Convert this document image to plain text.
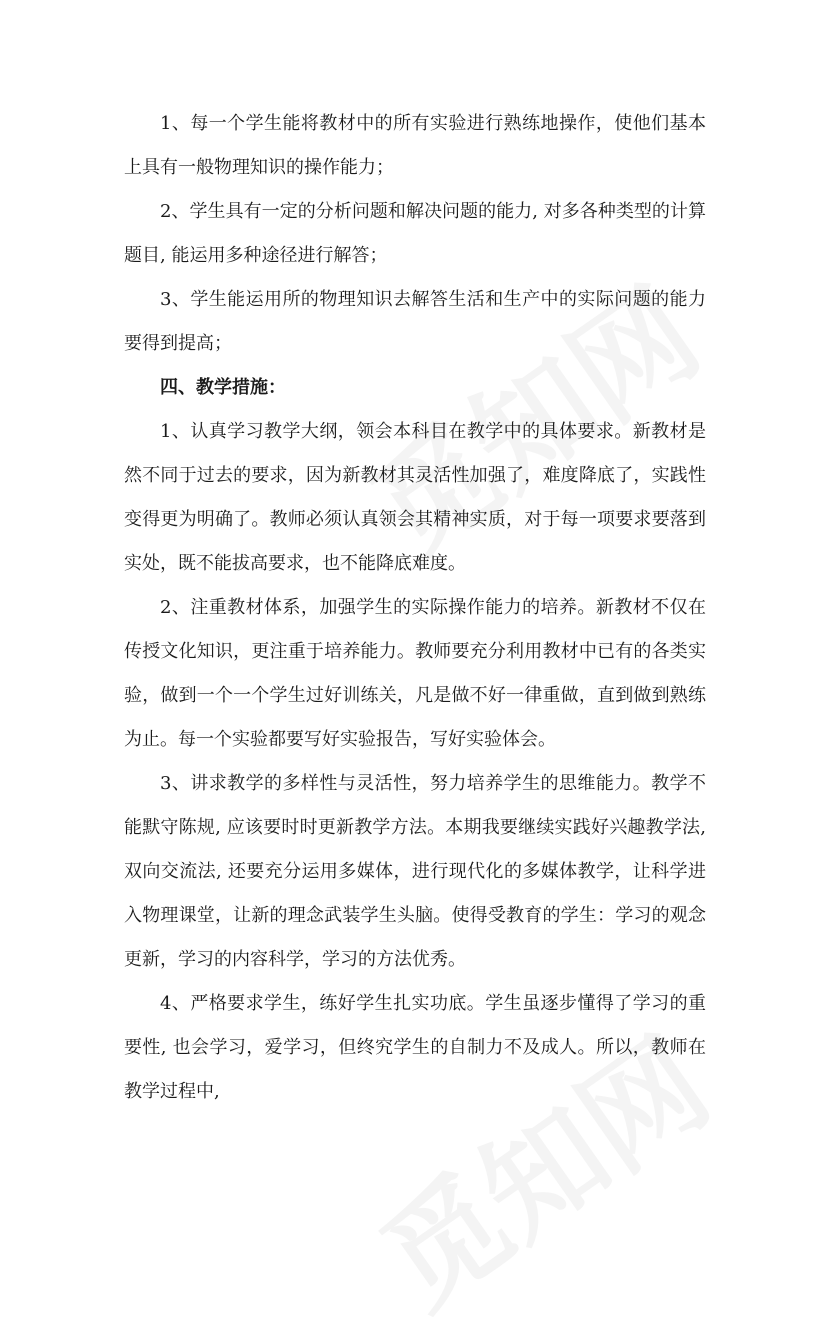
1、每一个学生能将教材中的所有实验进行熟练地操作，使他们基本上具有一般物理知识的操作能力；

2、学生具有一定的分析问题和解决问题的能力, 对多各种类型的计算题目, 能运用多种途径进行解答；

3、学生能运用所的物理知识去解答生活和生产中的实际问题的能力要得到提高；

四、教学措施：

1、认真学习教学大纲，领会本科目在教学中的具体要求。新教材是然不同于过去的要求，因为新教材其灵活性加强了，难度降底了，实践性变得更为明确了。教师必须认真领会其精神实质，对于每一项要求要落到实处，既不能拔高要求，也不能降底难度。

2、注重教材体系，加强学生的实际操作能力的培养。新教材不仅在传授文化知识，更注重于培养能力。教师要充分利用教材中已有的各类实验，做到一个一个学生过好训练关，凡是做不好一律重做，直到做到熟练为止。每一个实验都要写好实验报告，写好实验体会。

3、讲求教学的多样性与灵活性，努力培养学生的思维能力。教学不能默守陈规, 应该要时时更新教学方法。本期我要继续实践好兴趣教学法, 双向交流法, 还要充分运用多媒体，进行现代化的多媒体教学，让科学进入物理课堂，让新的理念武装学生头脑。使得受教育的学生：学习的观念更新，学习的内容科学，学习的方法优秀。

4、严格要求学生，练好学生扎实功底。学生虽逐步懂得了学习的重要性, 也会学习，爱学习，但终究学生的自制力不及成人。所以，教师在教学过程中,
